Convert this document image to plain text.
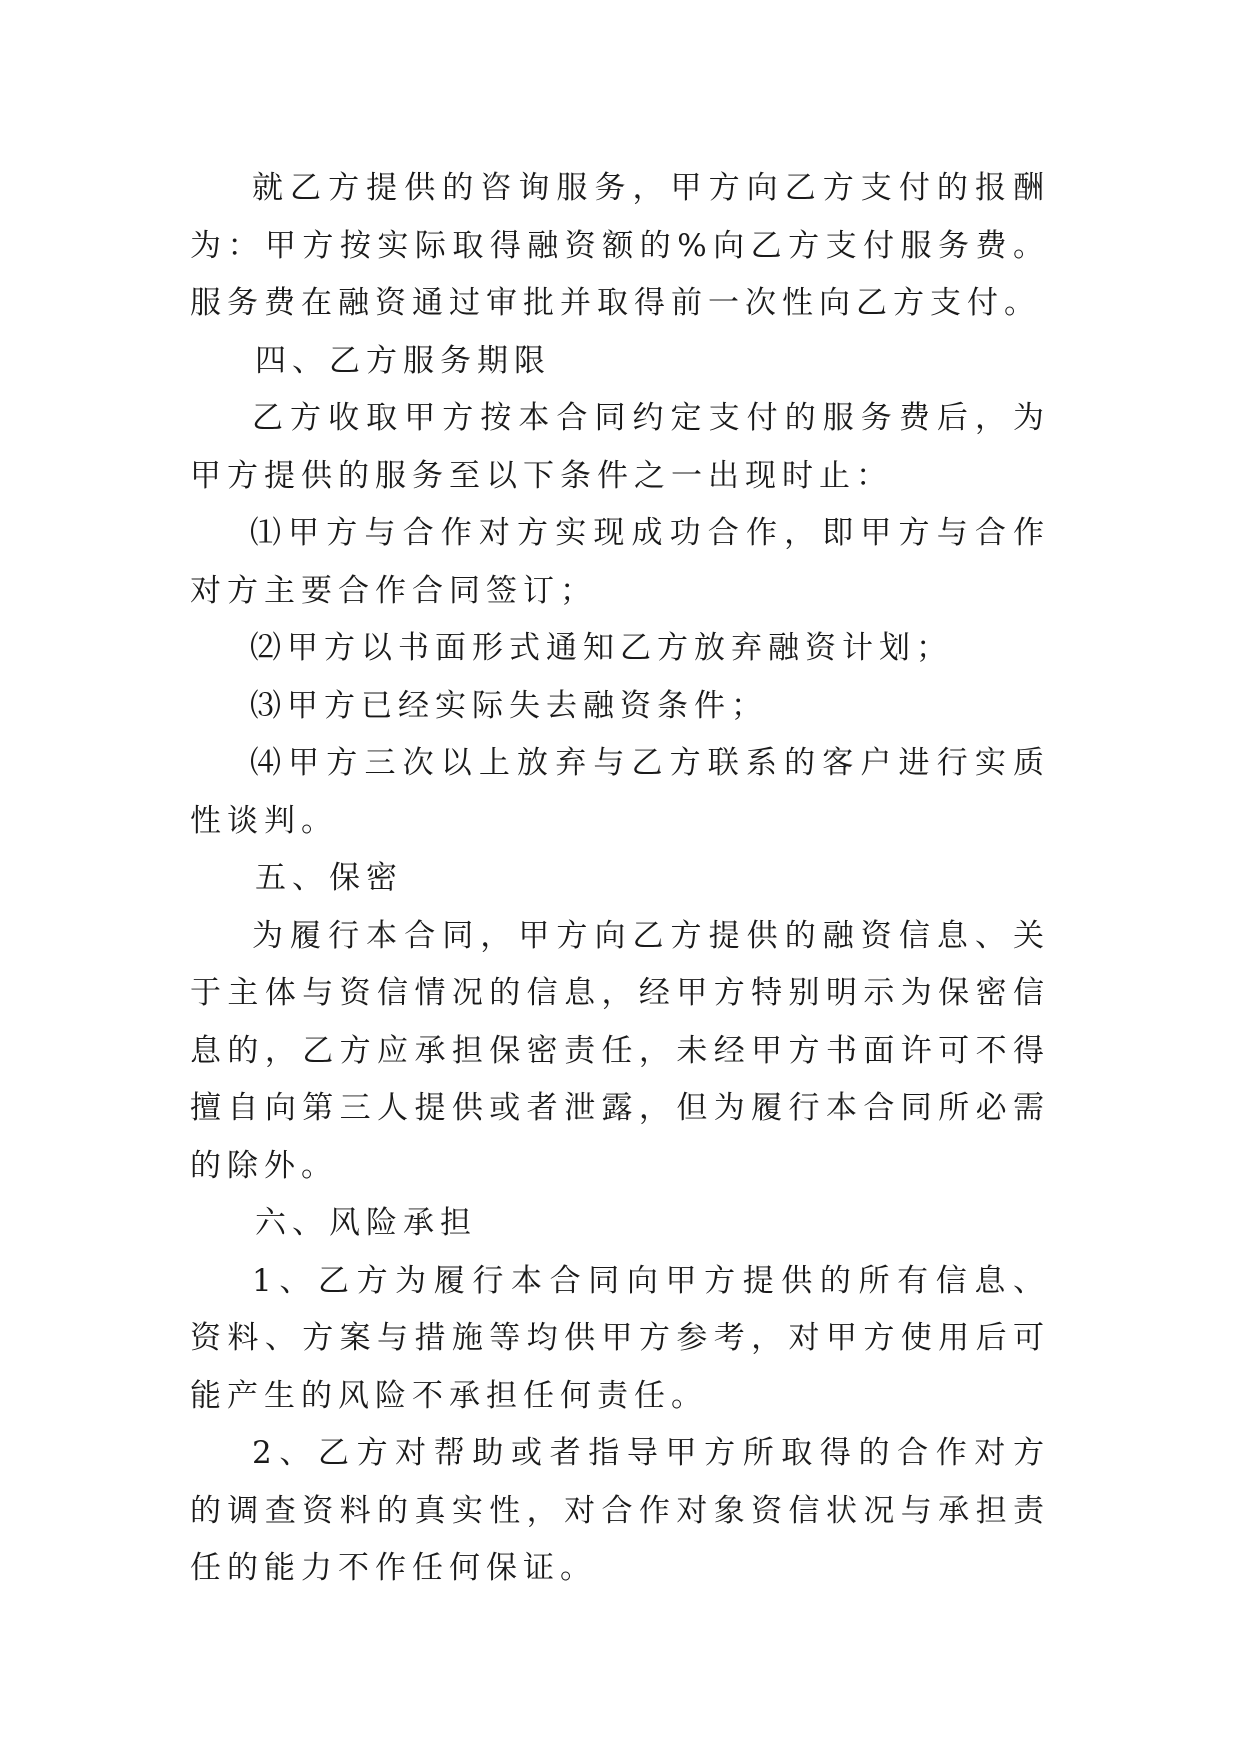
就乙方提供的咨询服务，甲方向乙方支付的报酬为：甲方按实际取得融资额的%向乙方支付服务费。服务费在融资通过审批并取得前一次性向乙方支付。

四、乙方服务期限

乙方收取甲方按本合同约定支付的服务费后，为甲方提供的服务至以下条件之一出现时止：

⑴甲方与合作对方实现成功合作，即甲方与合作对方主要合作合同签订；

⑵甲方以书面形式通知乙方放弃融资计划；

⑶甲方已经实际失去融资条件；

⑷甲方三次以上放弃与乙方联系的客户进行实质性谈判。

五、保密

为履行本合同，甲方向乙方提供的融资信息、关于主体与资信情况的信息，经甲方特别明示为保密信息的，乙方应承担保密责任，未经甲方书面许可不得擅自向第三人提供或者泄露，但为履行本合同所必需的除外。

六、风险承担

1、乙方为履行本合同向甲方提供的所有信息、资料、方案与措施等均供甲方参考，对甲方使用后可能产生的风险不承担任何责任。

2、乙方对帮助或者指导甲方所取得的合作对方的调查资料的真实性，对合作对象资信状况与承担责任的能力不作任何保证。
